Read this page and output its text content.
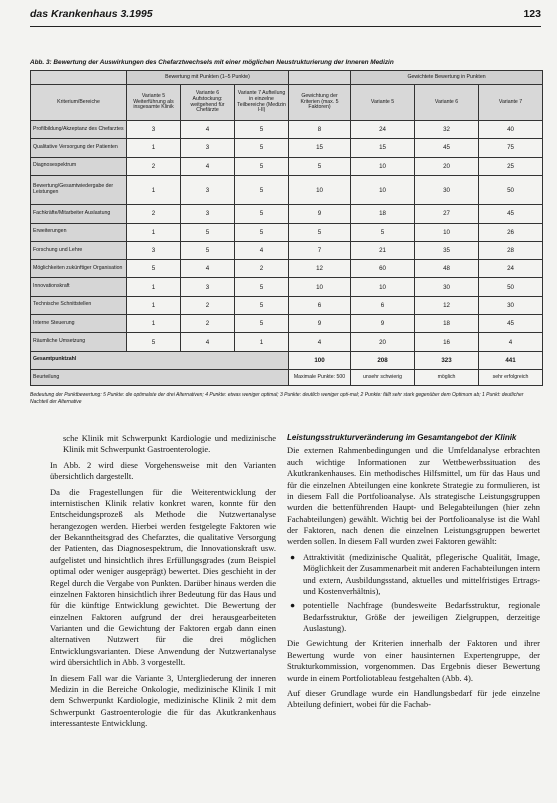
das Krankenhaus 3.1995	123
Abb. 3: Bewertung der Auswirkungen des Chefarztwechsels mit einer möglichen Neustrukturierung der Inneren Medizin
	Bewertung mit Punkten (1–5 Punkte)				Gewichtete Bewertung in Punkten		
Kriterium/Bereiche	Variante 5 Weiterführung als insgesamte Klinik	Variante 6 Aufstockung: weitgehend für Chefärzte	Variante 7 Aufteilung in einzelne Teilbereiche (Medizin I-II)	Gewichtung der Kriterien (max. 5 Faktoren)	Variante 5	Variante 6	Variante 7
Profilbildung/Akzeptanz des Chefarztes	3	4	5	8	24	32	40
Qualitative Versorgung der Patienten	1	3	5	15	15	45	75
Diagnosespektrum	2	4	5	5	10	20	25
Bewertung/Gesamtwiedergabe der Leistungen	1	3	5	10	10	30	50
Fachkräfte/Mitarbeiter Auslastung	2	3	5	9	18	27	45
Erweiterungen	1	5	5	5	5	10	26
Forschung und Lehre	3	5	4	7	21	35	28
Möglichkeiten zukünftiger Organisation	5	4	2	12	60	48	24
Innovationskraft	1	3	5	10	10	30	50
Technische Schnittstellen	1	2	5	6	6	12	30
Interne Steuerung	1	2	5	9	9	18	45
Räumliche Umsetzung	5	4	1	4	20	16	4
Gesamtpunktzahl				100	208	323	441
Beurteilung				Maximale Punkte: 500	unsehr schwierig	möglich	sehr erfolgreich
Bedeutung der Punktbewertung: 5 Punkte: die optimalste der drei Alternativen; 4 Punkte: etwas weniger optimal; 3 Punkte: deutlich weniger opti-mal; 2 Punkte: fällt sehr stark gegenüber dem Optimum ab; 1 Punkt: deutlicher Nachteil der Alternative

sche Klinik mit Schwerpunkt Kardiologie und medizinische Klinik mit Schwerpunkt Gastroenterologie.

In Abb. 2 wird diese Vorgehensweise mit den Varianten übersichtlich dargestellt.

Da die Fragestellungen für die Weiterentwicklung der internistischen Klinik relativ konkret waren, konnte für den Entscheidungsprozeß als Methode die Nutzwertanalyse herangezogen werden. Hierbei werden festgelegte Faktoren wie der Bekanntheitsgrad des Chefarztes, die qualitative Versorgung der Patienten, das Diagnosespektrum, die Innovationskraft usw. aufgelistet und hinsichtlich ihres Erfüllungsgrades (zum Beispiel optimal oder weniger ausgeprägt) bewertet. Dies geschieht in der Regel durch die Vergabe von Punkten. Darüber hinaus werden die einzelnen Faktoren hinsichtlich ihrer Bedeutung für das Haus und für die künftige Entwicklung gewichtet. Die Bewertung der einzelnen Faktoren aufgrund der drei herausgearbeiteten Varianten und die Gewichtung der Faktoren ergab dann einen alternativen Nutzwert für die drei möglichen Entwicklungsvarianten. Diese Anwendung der Nutzwertanalyse wird übersichtlich in Abb. 3 vorgestellt.

In diesem Fall war die Variante 3, Untergliederung der inneren Medizin in die Bereiche Onkologie, medizinische Klinik I mit dem Schwerpunkt Kardiologie, medizinische Klinik 2 mit dem Schwerpunkt Gastroenterologie die für das Akutkrankenhaus interessanteste Entwicklung.

Leistungsstrukturveränderung im Gesamtangebot der Klinik

Die externen Rahmenbedingungen und die Umfeldanalyse erbrachten auch wichtige Informationen zur Wettbewerbssituation des Akutkrankenhauses. Ein methodisches Hilfsmittel, um für das Haus und für die einzelnen Abteilungen eine konkrete Strategie zu formulieren, ist in diesem Fall die Portfolioanalyse. Als strategische Leistungsgruppen wurden die bettenführenden Haupt- und Belegabteilungen (hier zehn Fachabteilungen) gewählt. Wichtig bei der Portfolioanalyse ist die Wahl der Faktoren, nach denen die einzelnen Leistungsgruppen bewertet werden sollen. In diesem Fall wurden zwei Faktoren gewählt:

● Attraktivität (medizinische Qualität, pflegerische Qualität, Image, Möglichkeit der Zusammenarbeit mit anderen Fachabteilungen intern und extern, Ausbildungsstand, aktuelles und mittelfristiges Ertrags- und Kostenverhältnis),
● potentielle Nachfrage (bundesweite Bedarfsstruktur, regionale Bedarfsstruktur, Größe der jeweiligen Zielgruppen, derzeitige Auslastung).

Die Gewichtung der Kriterien innerhalb der Faktoren und ihrer Bewertung wurde von einer hausinternen Expertengruppe, der Strukturkommission, vorgenommen. Das Ergebnis dieser Bewertung wurde in einem Portfoliotableau festgehalten (Abb. 4).

Auf dieser Grundlage wurde ein Handlungsbedarf für jede einzelne Abteilung definiert, wobei für die Fachab-
